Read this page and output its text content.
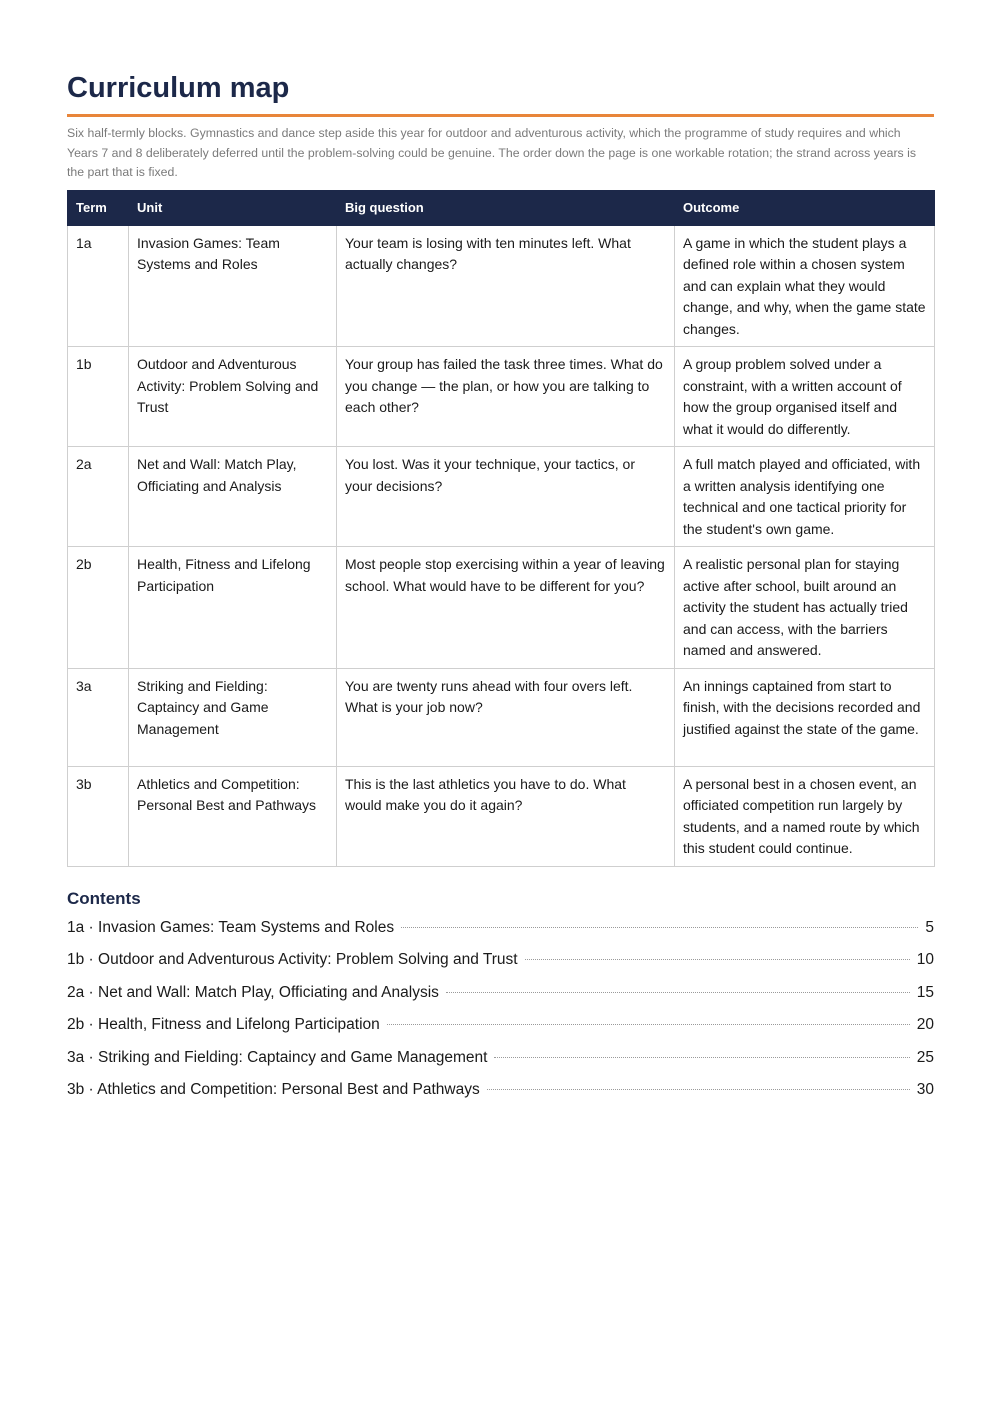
Curriculum map

Six half-termly blocks. Gymnastics and dance step aside this year for outdoor and adventurous activity, which the programme of study requires and which Years 7 and 8 deliberately deferred until the problem-solving could be genuine. The order down the page is one workable rotation; the strand across years is the part that is fixed.

Term	Unit	Big question	Outcome
1a	Invasion Games: Team Systems and Roles	Your team is losing with ten minutes left. What actually changes?	A game in which the student plays a defined role within a chosen system and can explain what they would change, and why, when the game state changes.
1b	Outdoor and Adventurous Activity: Problem Solving and Trust	Your group has failed the task three times. What do you change — the plan, or how you are talking to each other?	A group problem solved under a constraint, with a written account of how the group organised itself and what it would do differently.
2a	Net and Wall: Match Play, Officiating and Analysis	You lost. Was it your technique, your tactics, or your decisions?	A full match played and officiated, with a written analysis identifying one technical and one tactical priority for the student's own game.
2b	Health, Fitness and Lifelong Participation	Most people stop exercising within a year of leaving school. What would have to be different for you?	A realistic personal plan for staying active after school, built around an activity the student has actually tried and can access, with the barriers named and answered.
3a	Striking and Fielding: Captaincy and Game Management	You are twenty runs ahead with four overs left. What is your job now?	An innings captained from start to finish, with the decisions recorded and justified against the state of the game.
3b	Athletics and Competition: Personal Best and Pathways	This is the last athletics you have to do. What would make you do it again?	A personal best in a chosen event, an officiated competition run largely by students, and a named route by which this student could continue.
Contents
1a · Invasion Games: Team Systems and Roles	5
1b · Outdoor and Adventurous Activity: Problem Solving and Trust	10
2a · Net and Wall: Match Play, Officiating and Analysis	15
2b · Health, Fitness and Lifelong Participation	20
3a · Striking and Fielding: Captaincy and Game Management	25
3b · Athletics and Competition: Personal Best and Pathways	30
